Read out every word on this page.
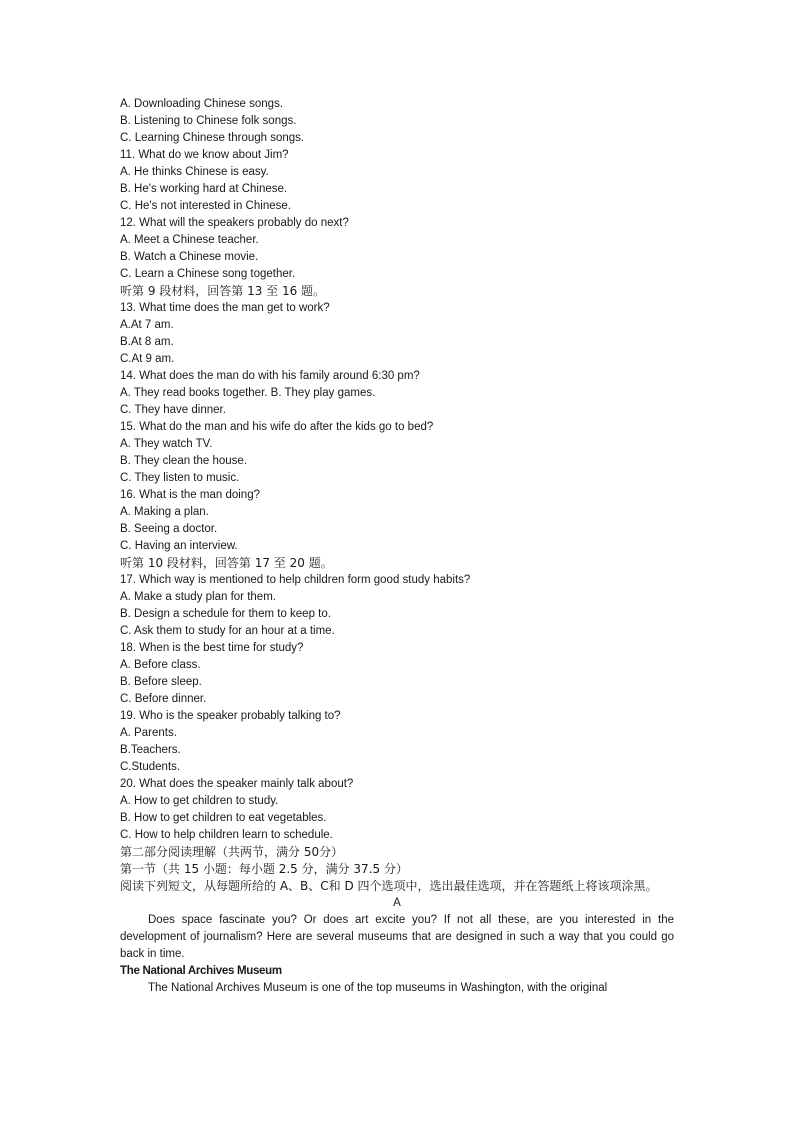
A. Downloading Chinese songs.
B. Listening to Chinese folk songs.
C. Learning Chinese through songs.
11. What do we know about Jim?
A. He thinks Chinese is easy.
B. He's working hard at Chinese.
C. He's not interested in Chinese.
12. What will the speakers probably do next?
A. Meet a Chinese teacher.
B. Watch a Chinese movie.
C. Learn a Chinese song together.
听第 9 段材料，回答第 13 至 16 题。
13. What time does the man get to work?
A.At 7 am.
B.At 8 am.
C.At 9 am.
14. What does the man do with his family around 6:30 pm?
A. They read books together. B. They play games.
C. They have dinner.
15. What do the man and his wife do after the kids go to bed?
A. They watch TV.
B. They clean the house.
C. They listen to music.
16. What is the man doing?
A. Making a plan.
B. Seeing a doctor.
C. Having an interview.
听第 10 段材料，回答第 17 至 20 题。
17. Which way is mentioned to help children form good study habits?
A. Make a study plan for them.
B. Design a schedule for them to keep to.
C. Ask them to study for an hour at a time.
18. When is the best time for study?
A. Before class.
B. Before sleep.
C. Before dinner.
19. Who is the speaker probably talking to?
A. Parents.
B.Teachers.
C.Students.
20. What does the speaker mainly talk about?
A. How to get children to study.
B. How to get children to eat vegetables.
C. How to help children learn to schedule.
第二部分阅读理解（共两节，满分 50分）
第一节（共 15 小题：每小题 2.5 分，满分 37.5 分）
阅读下列短文，从每题所给的 A、B、C和 D 四个选项中，选出最佳选项，并在答题纸上将该项涂黑。
A
Does space fascinate you? Or does art excite you? If not all these, are you interested in the development of journalism? Here are several museums that are designed in such a way that you could go back in time.
The National Archives Museum
The National Archives Museum is one of the top museums in Washington, with the original
